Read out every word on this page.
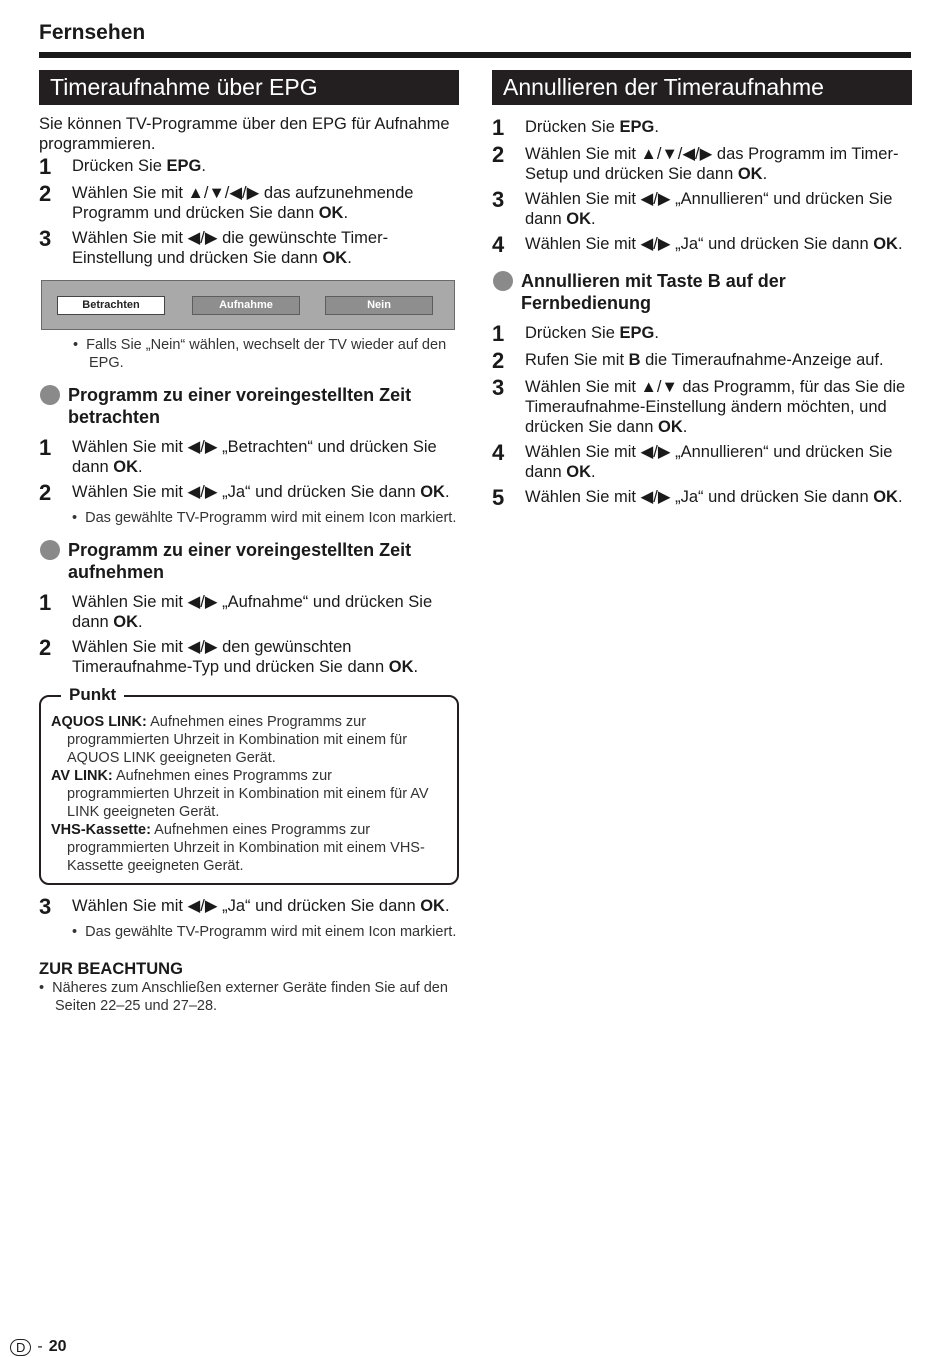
Fernsehen
Timeraufnahme über EPG
Sie können TV-Programme über den EPG für Aufnahme programmieren.
1	Drücken Sie EPG.
2	Wählen Sie mit ▲/▼/◀/▶ das aufzunehmende Programm und drücken Sie dann OK.
3	Wählen Sie mit ◀/▶ die gewünschte Timer-Einstellung und drücken Sie dann OK.
Betrachten	Aufnahme	Nein
•  Falls Sie „Nein“ wählen, wechselt der TV wieder auf den EPG.
Programm zu einer voreingestellten Zeit betrachten
1	Wählen Sie mit ◀/▶ „Betrachten“ und drücken Sie dann OK.
2	Wählen Sie mit ◀/▶ „Ja“ und drücken Sie dann OK.
•  Das gewählte TV-Programm wird mit einem Icon markiert.
Programm zu einer voreingestellten Zeit aufnehmen
1	Wählen Sie mit ◀/▶ „Aufnahme“ und drücken Sie dann OK.
2	Wählen Sie mit ◀/▶ den gewünschten Timeraufnahme-Typ und drücken Sie dann OK.
Punkt
AQUOS LINK: Aufnehmen eines Programms zur programmierten Uhrzeit in Kombination mit einem für AQUOS LINK geeigneten Gerät.
AV LINK: Aufnehmen eines Programms zur programmierten Uhrzeit in Kombination mit einem für AV LINK geeigneten Gerät.
VHS-Kassette: Aufnehmen eines Programms zur programmierten Uhrzeit in Kombination mit einem VHS-Kassette geeigneten Gerät.
3	Wählen Sie mit ◀/▶ „Ja“ und drücken Sie dann OK.
•  Das gewählte TV-Programm wird mit einem Icon markiert.
ZUR BEACHTUNG
•  Näheres zum Anschließen externer Geräte finden Sie auf den Seiten 22–25 und 27–28.
Annullieren der Timeraufnahme
1	Drücken Sie EPG.
2	Wählen Sie mit ▲/▼/◀/▶ das Programm im Timer-Setup und drücken Sie dann OK.
3	Wählen Sie mit ◀/▶ „Annullieren“ und drücken Sie dann OK.
4	Wählen Sie mit ◀/▶ „Ja“ und drücken Sie dann OK.
Annullieren mit Taste B auf der Fernbedienung
1	Drücken Sie EPG.
2	Rufen Sie mit B die Timeraufnahme-Anzeige auf.
3	Wählen Sie mit ▲/▼ das Programm, für das Sie die Timeraufnahme-Einstellung ändern möchten, und drücken Sie dann OK.
4	Wählen Sie mit ◀/▶ „Annullieren“ und drücken Sie dann OK.
5	Wählen Sie mit ◀/▶ „Ja“ und drücken Sie dann OK.
D - 20
